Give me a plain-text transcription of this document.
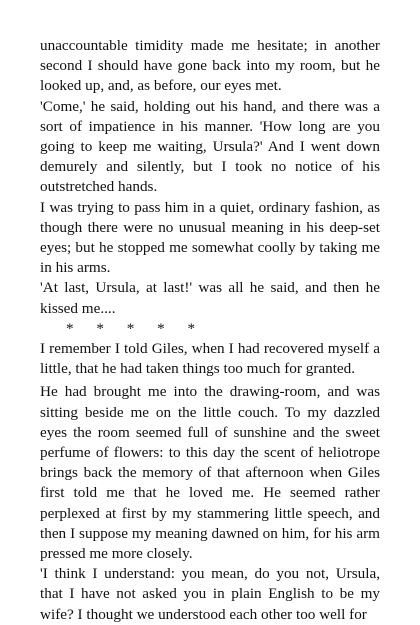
unaccountable timidity made me hesitate; in another second I should have gone back into my room, but he looked up, and, as before, our eyes met.

'Come,' he said, holding out his hand, and there was a sort of impatience in his manner. 'How long are you going to keep me waiting, Ursula?' And I went down demurely and silently, but I took no notice of his outstretched hands.

I was trying to pass him in a quiet, ordinary fashion, as though there were no unusual meaning in his deep-set eyes; but he stopped me somewhat coolly by taking me in his arms.

'At last, Ursula, at last!' was all he said, and then he kissed me....

*      *      *      *      *

I remember I told Giles, when I had recovered myself a little, that he had taken things too much for granted.

He had brought me into the drawing-room, and was sitting beside me on the little couch. To my dazzled eyes the room seemed full of sunshine and the sweet perfume of flowers: to this day the scent of heliotrope brings back the memory of that afternoon when Giles first told me that he loved me. He seemed rather perplexed at first by my stammering little speech, and then I suppose my meaning dawned on him, for his arm pressed me more closely.

'I think I understand: you mean, do you not, Ursula, that I have not asked you in plain English to be my wife? I thought we understood each other too well for
